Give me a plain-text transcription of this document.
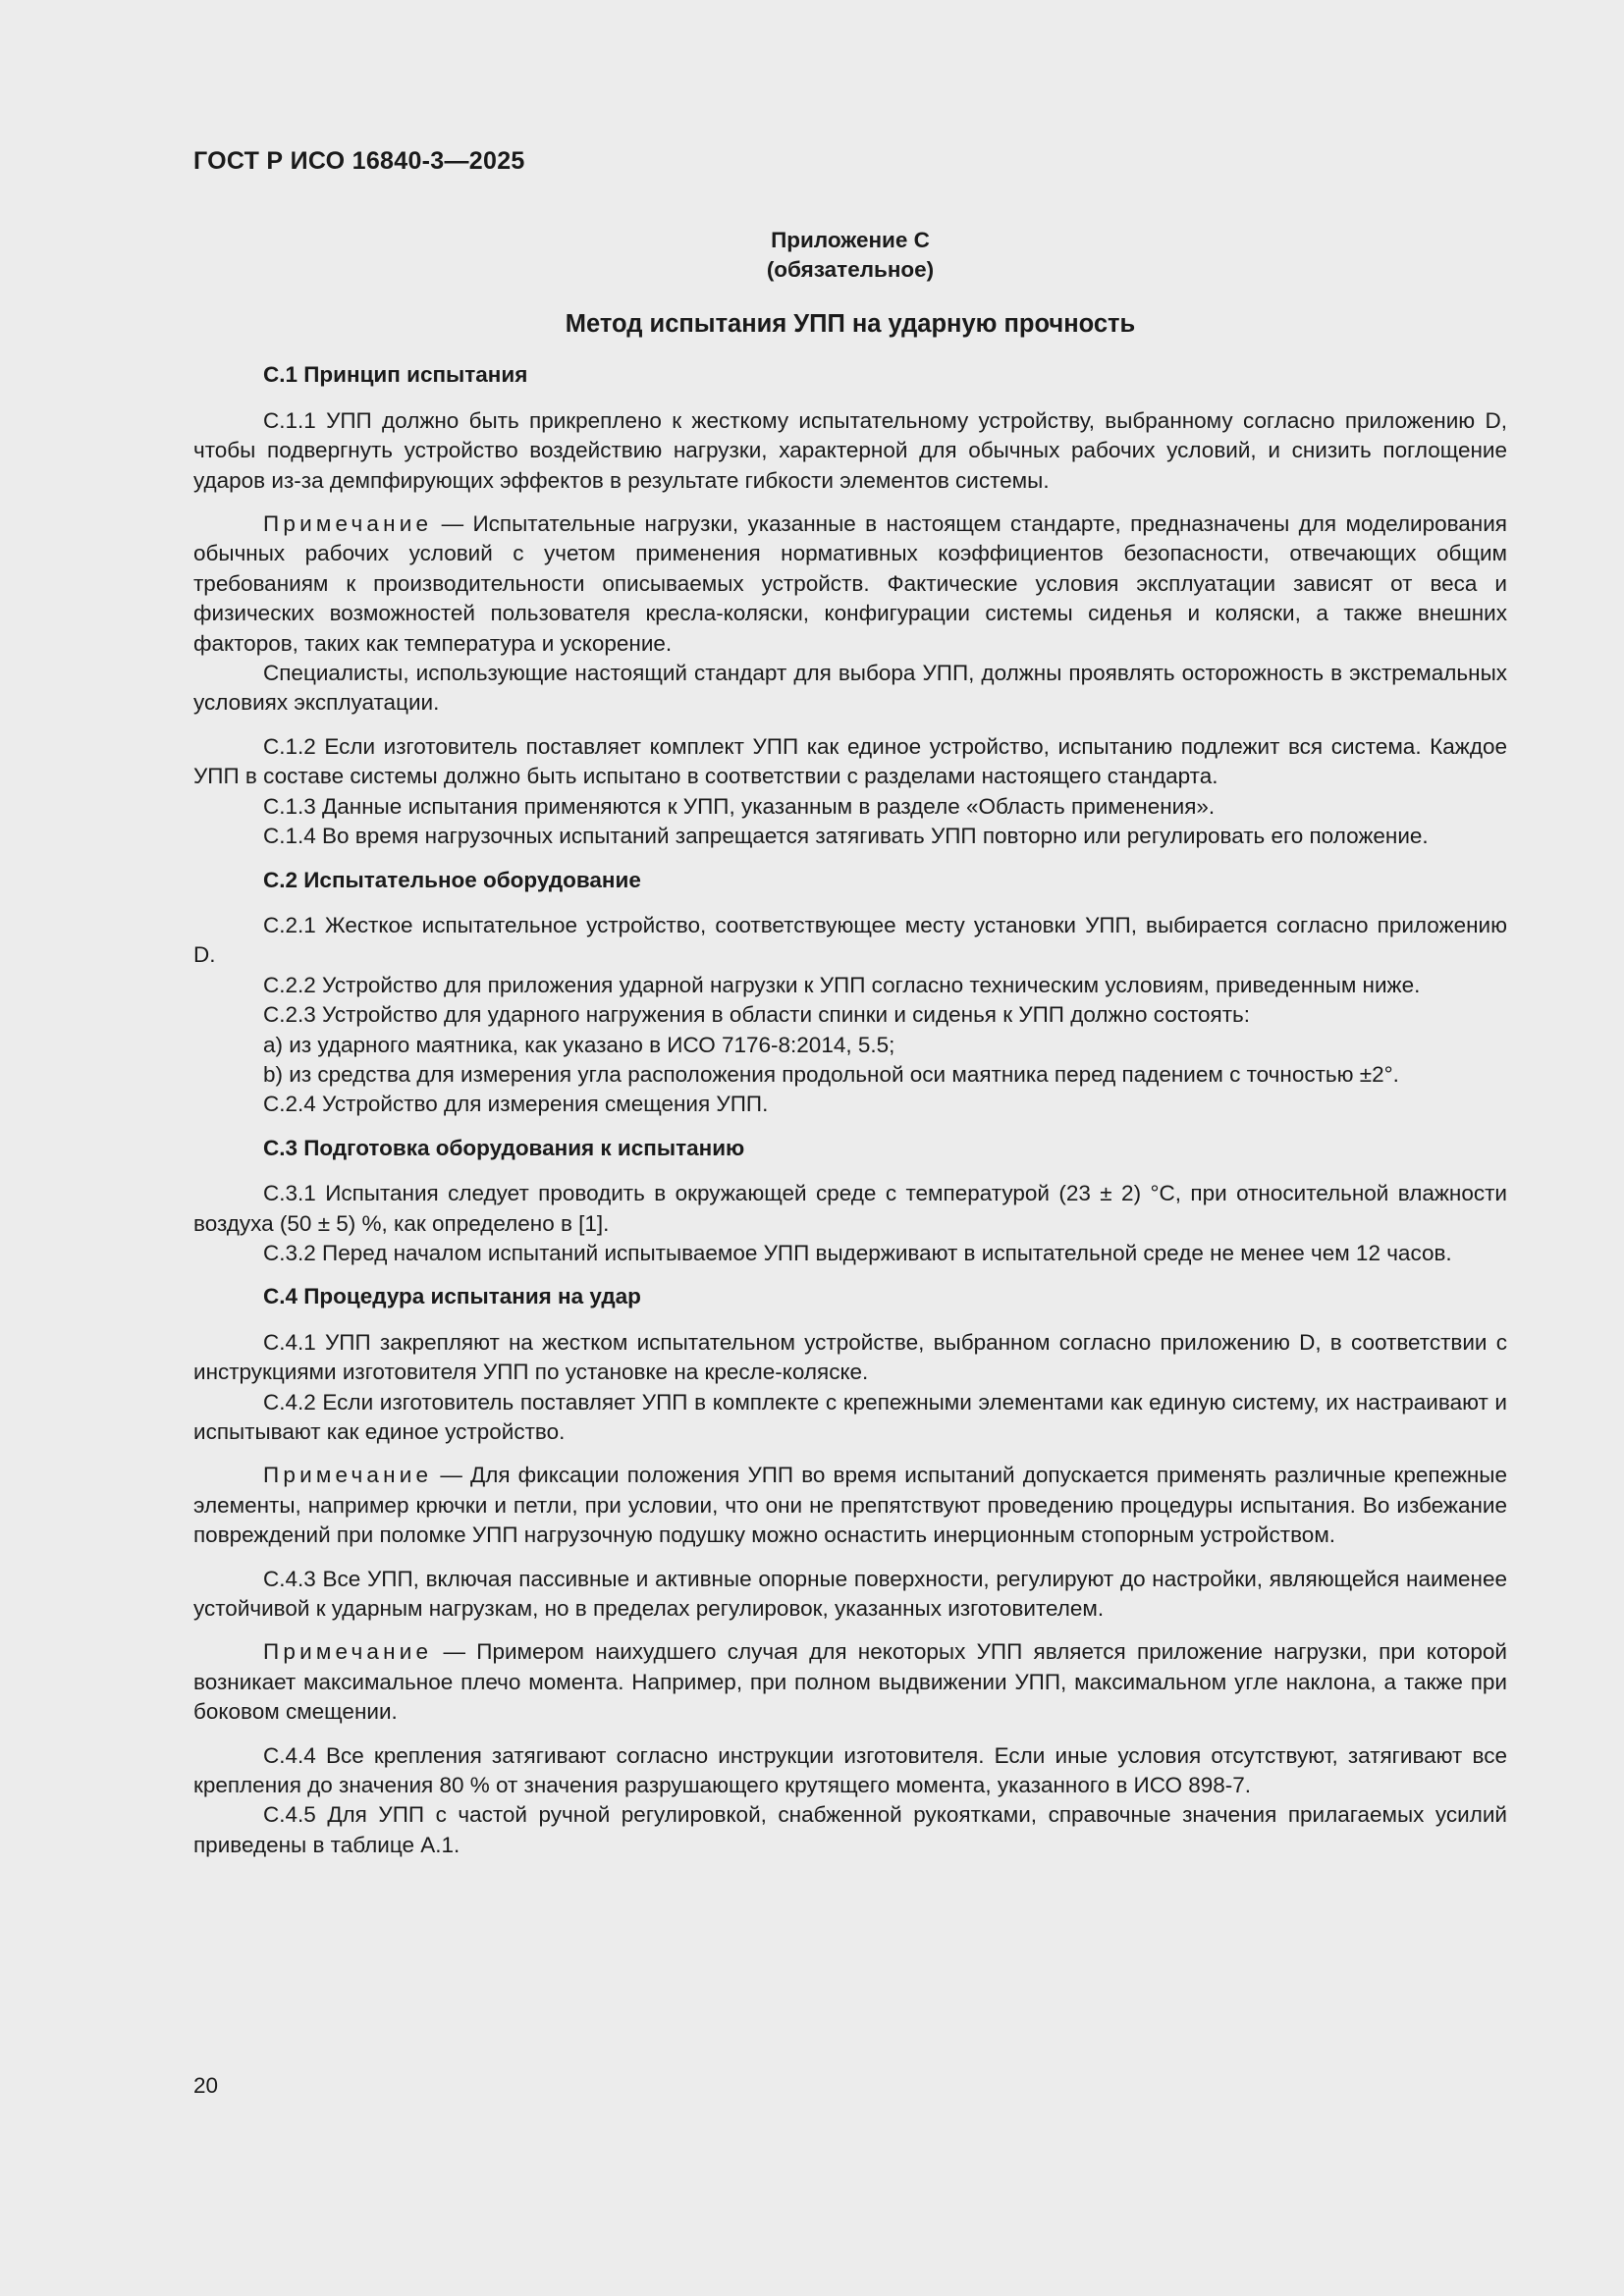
ГОСТ Р ИСО 16840-3—2025
Приложение С
(обязательное)
Метод испытания УПП на ударную прочность
С.1 Принцип испытания

С.1.1 УПП должно быть прикреплено к жесткому испытательному устройству, выбранному согласно приложению D, чтобы подвергнуть устройство воздействию нагрузки, характерной для обычных рабочих условий, и снизить поглощение ударов из-за демпфирующих эффектов в результате гибкости элементов системы.

Примечание — Испытательные нагрузки, указанные в настоящем стандарте, предназначены для моделирования обычных рабочих условий с учетом применения нормативных коэффициентов безопасности, отвечающих общим требованиям к производительности описываемых устройств. Фактические условия эксплуатации зависят от веса и физических возможностей пользователя кресла-коляски, конфигурации системы сиденья и коляски, а также внешних факторов, таких как температура и ускорение.

Специалисты, использующие настоящий стандарт для выбора УПП, должны проявлять осторожность в экстремальных условиях эксплуатации.

С.1.2 Если изготовитель поставляет комплект УПП как единое устройство, испытанию подлежит вся система. Каждое УПП в составе системы должно быть испытано в соответствии с разделами настоящего стандарта.

С.1.3 Данные испытания применяются к УПП, указанным в разделе «Область применения».

С.1.4 Во время нагрузочных испытаний запрещается затягивать УПП повторно или регулировать его положение.

С.2 Испытательное оборудование

С.2.1 Жесткое испытательное устройство, соответствующее месту установки УПП, выбирается согласно приложению D.

С.2.2 Устройство для приложения ударной нагрузки к УПП согласно техническим условиям, приведенным ниже.

С.2.3 Устройство для ударного нагружения в области спинки и сиденья к УПП должно состоять:

a) из ударного маятника, как указано в ИСО 7176-8:2014, 5.5;

b) из средства для измерения угла расположения продольной оси маятника перед падением с точностью ±2°.

С.2.4 Устройство для измерения смещения УПП.

С.3 Подготовка оборудования к испытанию

С.3.1 Испытания следует проводить в окружающей среде с температурой (23 ± 2) °С, при относительной влажности воздуха (50 ± 5) %, как определено в [1].

С.3.2 Перед началом испытаний испытываемое УПП выдерживают в испытательной среде не менее чем 12 часов.

С.4 Процедура испытания на удар

С.4.1 УПП закрепляют на жестком испытательном устройстве, выбранном согласно приложению D, в соответствии с инструкциями изготовителя УПП по установке на кресле-коляске.

С.4.2 Если изготовитель поставляет УПП в комплекте с крепежными элементами как единую систему, их настраивают и испытывают как единое устройство.

Примечание — Для фиксации положения УПП во время испытаний допускается применять различные крепежные элементы, например крючки и петли, при условии, что они не препятствуют проведению процедуры испытания. Во избежание повреждений при поломке УПП нагрузочную подушку можно оснастить инерционным стопорным устройством.

С.4.3 Все УПП, включая пассивные и активные опорные поверхности, регулируют до настройки, являющейся наименее устойчивой к ударным нагрузкам, но в пределах регулировок, указанных изготовителем.

Примечание — Примером наихудшего случая для некоторых УПП является приложение нагрузки, при которой возникает максимальное плечо момента. Например, при полном выдвижении УПП, максимальном угле наклона, а также при боковом смещении.

С.4.4 Все крепления затягивают согласно инструкции изготовителя. Если иные условия отсутствуют, затягивают все крепления до значения 80 % от значения разрушающего крутящего момента, указанного в ИСО 898-7.

С.4.5 Для УПП с частой ручной регулировкой, снабженной рукоятками, справочные значения прилагаемых усилий приведены в таблице А.1.

20
